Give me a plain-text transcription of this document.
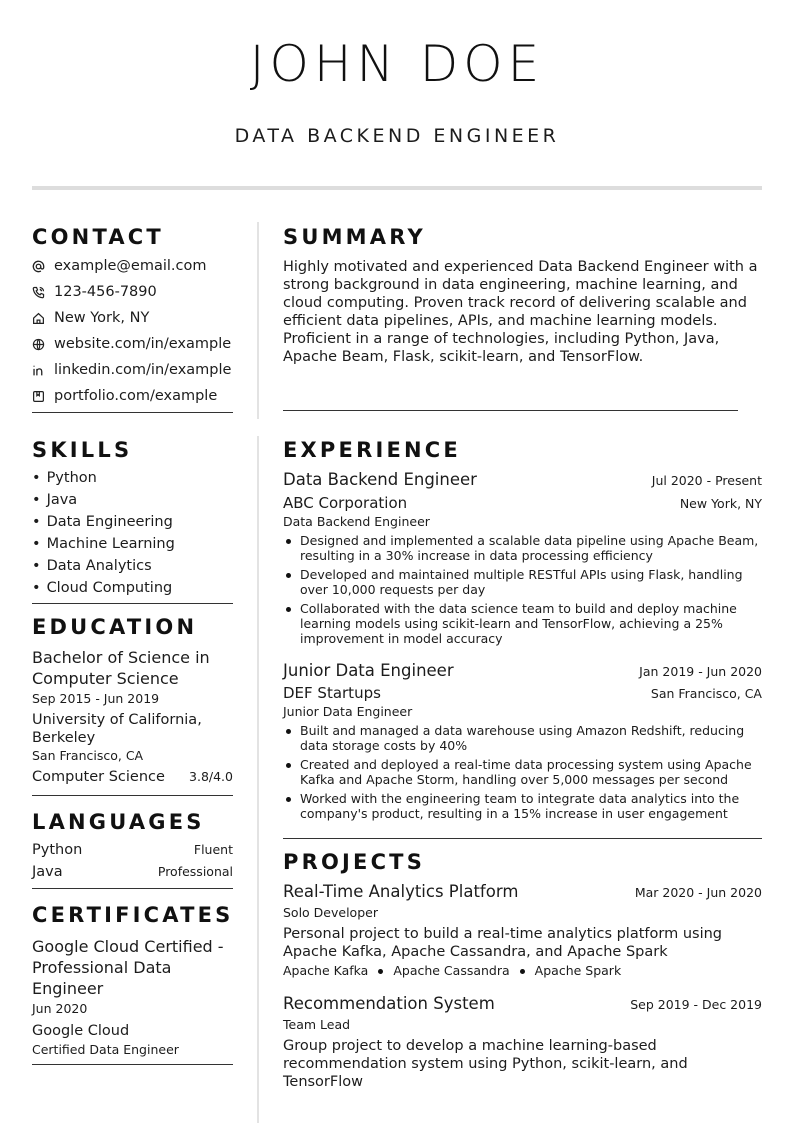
JOHN DOE
DATA BACKEND ENGINEER
CONTACT
example@email.com
123-456-7890
New York, NY
website.com/in/example
linkedin.com/in/example
portfolio.com/example
SKILLS
• Python
• Java
• Data Engineering
• Machine Learning
• Data Analytics
• Cloud Computing
EDUCATION
Bachelor of Science in Computer Science
Sep 2015 - Jun 2019
University of California, Berkeley
San Francisco, CA
Computer Science 3.8/4.0
LANGUAGES
Python	Fluent
Java	Professional
CERTIFICATES
Google Cloud Certified - Professional Data Engineer
Jun 2020
Google Cloud
Certified Data Engineer
SUMMARY

Highly motivated and experienced Data Backend Engineer with a strong background in data engineering, machine learning, and cloud computing. Proven track record of delivering scalable and efficient data pipelines, APIs, and machine learning models. Proficient in a range of technologies, including Python, Java, Apache Beam, Flask, scikit-learn, and TensorFlow.

EXPERIENCE
Data Backend Engineer	Jul 2020 - Present
ABC Corporation	New York, NY
Data Backend Engineer
Designed and implemented a scalable data pipeline using Apache Beam, resulting in a 30% increase in data processing efficiency
Developed and maintained multiple RESTful APIs using Flask, handling over 10,000 requests per day
Collaborated with the data science team to build and deploy machine learning models using scikit-learn and TensorFlow, achieving a 25% improvement in model accuracy
Junior Data Engineer	Jan 2019 - Jun 2020
DEF Startups	San Francisco, CA
Junior Data Engineer
Built and managed a data warehouse using Amazon Redshift, reducing data storage costs by 40%
Created and deployed a real-time data processing system using Apache Kafka and Apache Storm, handling over 5,000 messages per second
Worked with the engineering team to integrate data analytics into the company's product, resulting in a 15% increase in user engagement
PROJECTS
Real-Time Analytics Platform	Mar 2020 - Jun 2020
Solo Developer
Personal project to build a real-time analytics platform using Apache Kafka, Apache Cassandra, and Apache Spark
Apache Kafka Apache Cassandra Apache Spark
Recommendation System	Sep 2019 - Dec 2019
Team Lead
Group project to develop a machine learning-based recommendation system using Python, scikit-learn, and TensorFlow
